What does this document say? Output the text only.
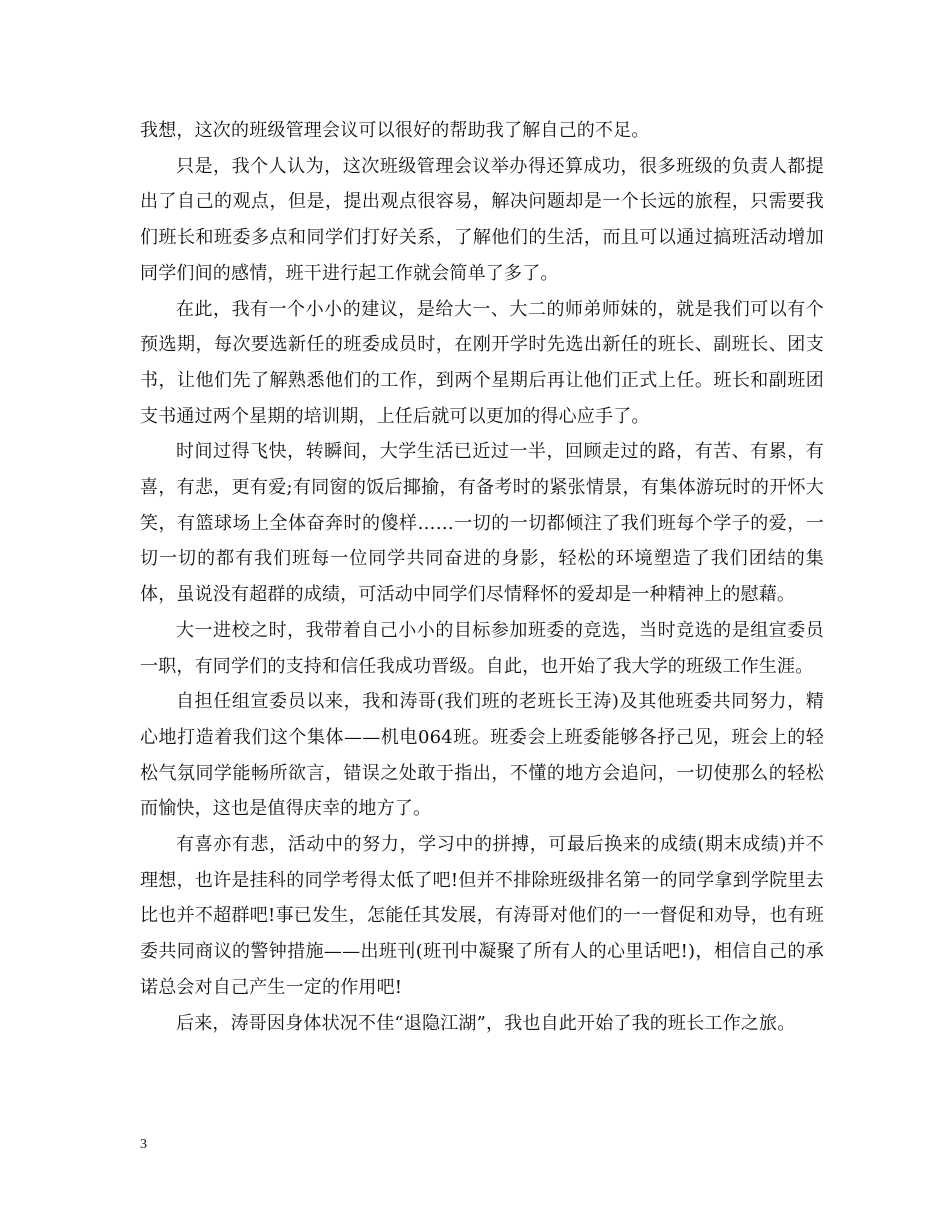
我想，这次的班级管理会议可以很好的帮助我了解自己的不足。

只是，我个人认为，这次班级管理会议举办得还算成功，很多班级的负责人都提出了自己的观点，但是，提出观点很容易，解决问题却是一个长远的旅程，只需要我们班长和班委多点和同学们打好关系，了解他们的生活，而且可以通过搞班活动增加同学们间的感情，班干进行起工作就会简单了多了。

在此，我有一个小小的建议，是给大一、大二的师弟师妹的，就是我们可以有个预选期，每次要选新任的班委成员时，在刚开学时先选出新任的班长、副班长、团支书，让他们先了解熟悉他们的工作，到两个星期后再让他们正式上任。班长和副班团支书通过两个星期的培训期，上任后就可以更加的得心应手了。

时间过得飞快，转瞬间，大学生活已近过一半，回顾走过的路，有苦、有累，有喜，有悲，更有爱;有同窗的饭后揶揄，有备考时的紧张情景，有集体游玩时的开怀大笑，有篮球场上全体奋奔时的傻样……一切的一切都倾注了我们班每个学子的爱，一切一切的都有我们班每一位同学共同奋进的身影，轻松的环境塑造了我们团结的集体，虽说没有超群的成绩，可活动中同学们尽情释怀的爱却是一种精神上的慰藉。

大一进校之时，我带着自己小小的目标参加班委的竞选，当时竞选的是组宣委员一职，有同学们的支持和信任我成功晋级。自此，也开始了我大学的班级工作生涯。

自担任组宣委员以来，我和涛哥(我们班的老班长王涛)及其他班委共同努力，精心地打造着我们这个集体——机电064班。班委会上班委能够各抒己见，班会上的轻松气氛同学能畅所欲言，错误之处敢于指出，不懂的地方会追问，一切使那么的轻松而愉快，这也是值得庆幸的地方了。

有喜亦有悲，活动中的努力，学习中的拼搏，可最后换来的成绩(期末成绩)并不理想，也许是挂科的同学考得太低了吧!但并不排除班级排名第一的同学拿到学院里去比也并不超群吧!事已发生，怎能任其发展，有涛哥对他们的一一督促和劝导，也有班委共同商议的警钟措施——出班刊(班刊中凝聚了所有人的心里话吧!)，相信自己的承诺总会对自己产生一定的作用吧!

后来，涛哥因身体状况不佳“退隐江湖”，我也自此开始了我的班长工作之旅。

3
